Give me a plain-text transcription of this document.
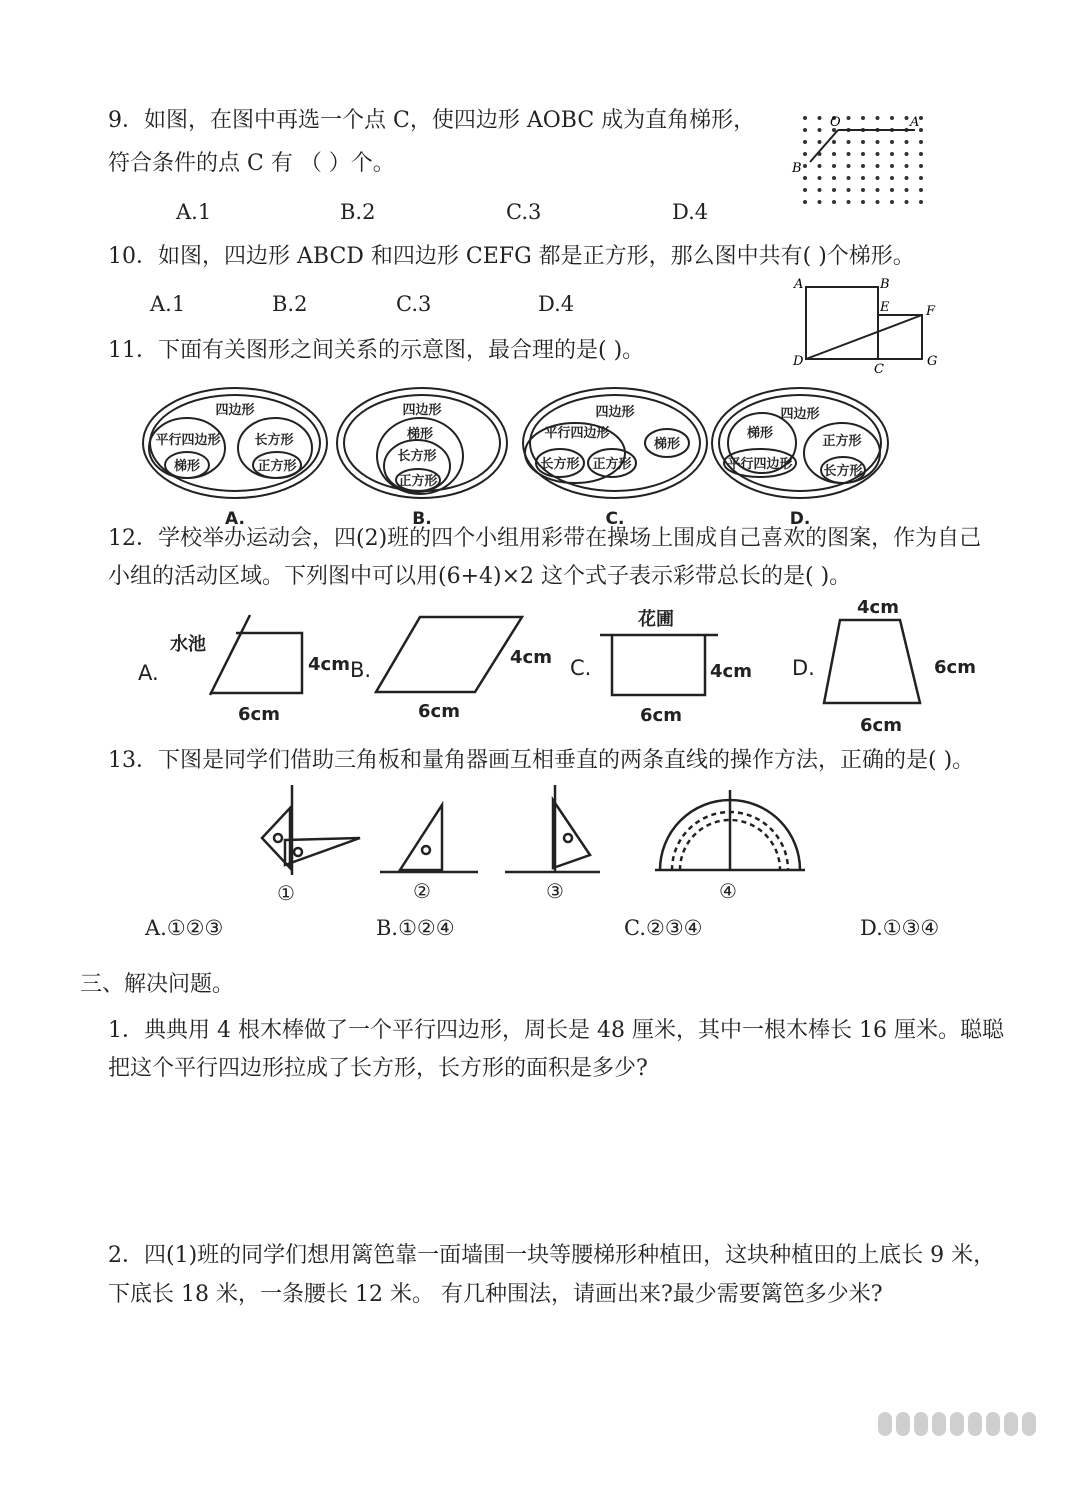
9．如图，在图中再选一个点 C，使四边形 AOBC 成为直角梯形，
符合条件的点 C 有 （ ）个。
A.1	B.2	C.3	D.4
O	A
B
10．如图，四边形 ABCD 和四边形 CEFG 都是正方形，那么图中共有( )个梯形。
A.1	B.2	C.3	D.4
A	B
E	F
D
C
G
11．下面有关图形之间关系的示意图，最合理的是( )。
四边形
平行四边形
梯形
长方形
正方形
四边形
梯形
长方形
正方形
四边形
平行四边形
长方形 正方形
梯形
四边形
梯形
平行四边形
正方形
长方形
A.	B.	C.	D.
12．学校举办运动会，四(2)班的四个小组用彩带在操场上围成自己喜欢的图案，作为自己
小组的活动区域。下列图中可以用(6+4)×2 这个式子表示彩带总长的是( )。
A.
水池
4cm
6cm
B.
4cm
6cm
C.
花圃
4cm
6cm
D.
4cm
6cm
6cm
13．下图是同学们借助三角板和量角器画互相垂直的两条直线的操作方法，正确的是( )。
①	②	③	④
A.①②③	B.①②④	C.②③④	D.①③④
三、解决问题。
1．典典用 4 根木棒做了一个平行四边形，周长是 48 厘米，其中一根木棒长 16 厘米。聪聪
把这个平行四边形拉成了长方形，长方形的面积是多少?
2．四(1)班的同学们想用篱笆靠一面墙围一块等腰梯形种植田，这块种植田的上底长 9 米，
下底长 18 米，一条腰长 12 米。 有几种围法，请画出来?最少需要篱笆多少米?
